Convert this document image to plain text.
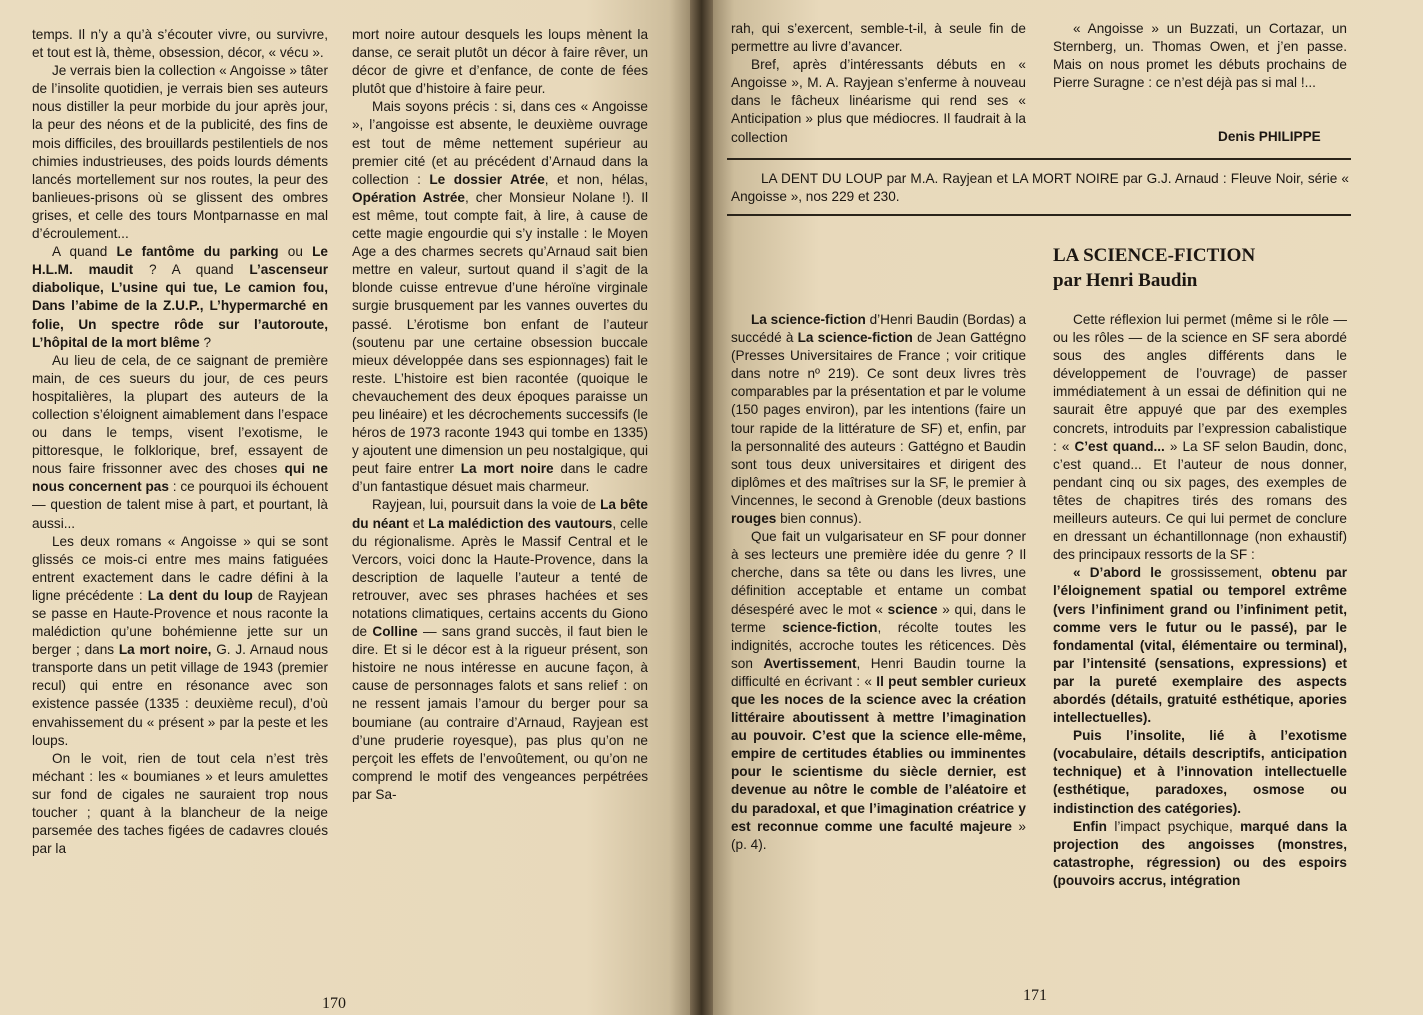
temps. Il n’y a qu’à s’écouter vivre, ou survivre, et tout est là, thème, obsession, décor, « vécu ».

Je verrais bien la collection « Angoisse » tâter de l’insolite quotidien, je verrais bien ses auteurs nous distiller la peur morbide du jour après jour, la peur des néons et de la publicité, des fins de mois difficiles, des brouillards pestilentiels de nos chimies industrieuses, des poids lourds déments lancés mortellement sur nos routes, la peur des banlieues-prisons où se glissent des ombres grises, et celle des tours Montparnasse en mal d’écroulement...

A quand Le fantôme du parking ou Le H.L.M. maudit ? A quand L’ascenseur diabolique, L’usine qui tue, Le camion fou, Dans l’abime de la Z.U.P., L’hypermarché en folie, Un spectre rôde sur l’autoroute, L’hôpital de la mort blême ?

Au lieu de cela, de ce saignant de première main, de ces sueurs du jour, de ces peurs hospitalières, la plupart des auteurs de la collection s’éloignent aimablement dans l’espace ou dans le temps, visent l’exotisme, le pittoresque, le folklorique, bref, essayent de nous faire frissonner avec des choses qui ne nous concernent pas : ce pourquoi ils échouent — question de talent mise à part, et pourtant, là aussi...

Les deux romans « Angoisse » qui se sont glissés ce mois-ci entre mes mains fatiguées entrent exactement dans le cadre défini à la ligne précédente : La dent du loup de Rayjean se passe en Haute-Provence et nous raconte la malédiction qu’une bohémienne jette sur un berger ; dans La mort noire, G. J. Arnaud nous transporte dans un petit village de 1943 (premier recul) qui entre en résonance avec son existence passée (1335 : deuxième recul), d’où envahissement du « présent » par la peste et les loups.

On le voit, rien de tout cela n’est très méchant : les « boumianes » et leurs amulettes sur fond de cigales ne sauraient trop nous toucher ; quant à la blancheur de la neige parsemée des taches figées de cadavres cloués par la

mort noire autour desquels les loups mènent la danse, ce serait plutôt un décor à faire rêver, un décor de givre et d’enfance, de conte de fées plutôt que d’histoire à faire peur.

Mais soyons précis : si, dans ces « Angoisse », l’angoisse est absente, le deuxième ouvrage est tout de même nettement supérieur au premier cité (et au précédent d’Arnaud dans la collection : Le dossier Atrée, et non, hélas, Opération Astrée, cher Monsieur Nolane !). Il est même, tout compte fait, à lire, à cause de cette magie engourdie qui s’y installe : le Moyen Age a des charmes secrets qu’Arnaud sait bien mettre en valeur, surtout quand il s’agit de la blonde cuisse entrevue d’une héroïne virginale surgie brusquement par les vannes ouvertes du passé. L’érotisme bon enfant de l’auteur (soutenu par une certaine obsession buccale mieux développée dans ses espionnages) fait le reste. L’histoire est bien racontée (quoique le chevauchement des deux époques paraisse un peu linéaire) et les décrochements successifs (le héros de 1973 raconte 1943 qui tombe en 1335) y ajoutent une dimension un peu nostalgique, qui peut faire entrer La mort noire dans le cadre d’un fantastique désuet mais charmeur.

Rayjean, lui, poursuit dans la voie de La bête du néant et La malédiction des vautours, celle du régionalisme. Après le Massif Central et le Vercors, voici donc la Haute-Provence, dans la description de laquelle l’auteur a tenté de retrouver, avec ses phrases hachées et ses notations climatiques, certains accents du Giono de Colline — sans grand succès, il faut bien le dire. Et si le décor est à la rigueur présent, son histoire ne nous intéresse en aucune façon, à cause de personnages falots et sans relief : on ne ressent jamais l’amour du berger pour sa boumiane (au contraire d’Arnaud, Rayjean est d’une pruderie royesque), pas plus qu’on ne perçoit les effets de l’envoûtement, ou qu’on ne comprend le motif des vengeances perpétrées par Sa-

170

rah, qui s’exercent, semble-t-il, à seule fin de permettre au livre d’avancer.

Bref, après d’intéressants débuts en « Angoisse », M. A. Rayjean s’enferme à nouveau dans le fâcheux linéarisme qui rend ses « Anticipation » plus que médiocres. Il faudrait à la collection

« Angoisse » un Buzzati, un Cortazar, un Sternberg, un. Thomas Owen, et j’en passe. Mais on nous promet les débuts prochains de Pierre Suragne : ce n’est déjà pas si mal !...

Denis PHILIPPE
LA DENT DU LOUP par M.A. Rayjean et LA MORT NOIRE par G.J. Arnaud : Fleuve Noir, série « Angoisse », nos 229 et 230.
LA SCIENCE-FICTION
par Henri Baudin

La science-fiction d’Henri Baudin (Bordas) a succédé à La science-fiction de Jean Gattégno (Presses Universitaires de France ; voir critique dans notre nº 219). Ce sont deux livres très comparables par la présentation et par le volume (150 pages environ), par les intentions (faire un tour rapide de la littérature de SF) et, enfin, par la personnalité des auteurs : Gattégno et Baudin sont tous deux universitaires et dirigent des diplômes et des maîtrises sur la SF, le premier à Vincennes, le second à Grenoble (deux bastions rouges bien connus).

Que fait un vulgarisateur en SF pour donner à ses lecteurs une première idée du genre ? Il cherche, dans sa tête ou dans les livres, une définition acceptable et entame un combat désespéré avec le mot « science » qui, dans le terme science-fiction, récolte toutes les indignités, accroche toutes les réticences. Dès son Avertissement, Henri Baudin tourne la difficulté en écrivant : « Il peut sembler curieux que les noces de la science avec la création littéraire aboutissent à mettre l’imagination au pouvoir. C’est que la science elle-même, empire de certitudes établies ou imminentes pour le scientisme du siècle dernier, est devenue au nôtre le comble de l’aléatoire et du paradoxal, et que l’imagination créatrice y est reconnue comme une faculté majeure » (p. 4).

Cette réflexion lui permet (même si le rôle — ou les rôles — de la science en SF sera abordé sous des angles différents dans le développement de l’ouvrage) de passer immédiatement à un essai de définition qui ne saurait être appuyé que par des exemples concrets, introduits par l’expression cabalistique : « C’est quand... » La SF selon Baudin, donc, c’est quand... Et l’auteur de nous donner, pendant cinq ou six pages, des exemples de têtes de chapitres tirés des romans des meilleurs auteurs. Ce qui lui permet de conclure en dressant un échantillonnage (non exhaustif) des principaux ressorts de la SF :

« D’abord le grossissement, obtenu par l’éloignement spatial ou temporel extrême (vers l’infiniment grand ou l’infiniment petit, comme vers le futur ou le passé), par le fondamental (vital, élémentaire ou terminal), par l’intensité (sensations, expressions) et par la pureté exemplaire des aspects abordés (détails, gratuité esthétique, apories intellectuelles).

Puis l’insolite, lié à l’exotisme (vocabulaire, détails descriptifs, anticipation technique) et à l’innovation intellectuelle (esthétique, paradoxes, osmose ou indistinction des catégories).

Enfin l’impact psychique, marqué dans la projection des angoisses (monstres, catastrophe, régression) ou des espoirs (pouvoirs accrus, intégration

171
